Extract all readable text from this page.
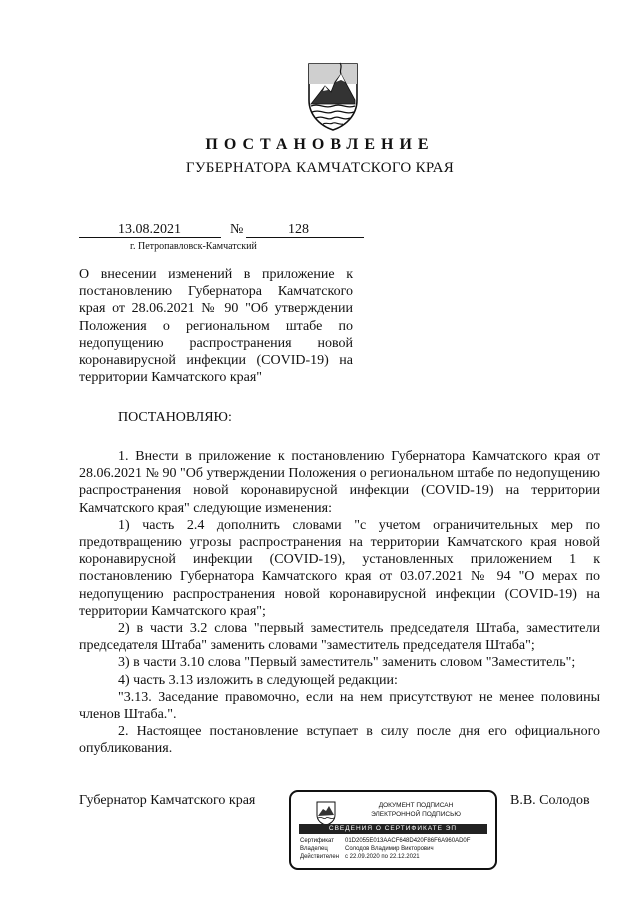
ПОСТАНОВЛЕНИЕ
ГУБЕРНАТОРА КАМЧАТСКОГО КРАЯ
13.08.2021	№	128
г. Петропавловск-Камчатский
О внесении изменений в приложение к
постановлению Губернатора Камчатского
края от 28.06.2021 № 90 "Об утверждении
Положения о региональном штабе по
недопущению распространения новой
коронавирусной инфекции (COVID-19) на
территории Камчатского края"
ПОСТАНОВЛЯЮ:

1. Внести в приложение к постановлению Губернатора Камчатского края от 28.06.2021 № 90 "Об утверждении Положения о региональном штабе по недопущению распространения новой коронавирусной инфекции (COVID-19) на территории Камчатского края" следующие изменения:

1) часть 2.4 дополнить словами "с учетом ограничительных мер по предотвращению угрозы распространения на территории Камчатского края новой коронавирусной инфекции (COVID-19), установленных приложением 1 к постановлению Губернатора Камчатского края от 03.07.2021 № 94 "О мерах по недопущению распространения новой коронавирусной инфекции (COVID-19) на территории Камчатского края";

2) в части 3.2 слова "первый заместитель председателя Штаба, заместители председателя Штаба" заменить словами "заместитель председателя Штаба";

3) в части 3.10 слова "Первый заместитель" заменить словом "Заместитель";

4) часть 3.13 изложить в следующей редакции:

"3.13. Заседание правомочно, если на нем присутствуют не менее половины членов Штаба.".

2. Настоящее постановление вступает в силу после дня его официального опубликования.

Губернатор Камчатского края	В.В. Солодов
ДОКУМЕНТ ПОДПИСАН
ЭЛЕКТРОННОЙ ПОДПИСЬЮ
СВЕДЕНИЯ О СЕРТИФИКАТЕ ЭП
Сертификат 01D2055E013AACF648D420F86F6A960AD0F
Владелец	Солодов Владимир Викторович
Действителен с 22.09.2020 по 22.12.2021
